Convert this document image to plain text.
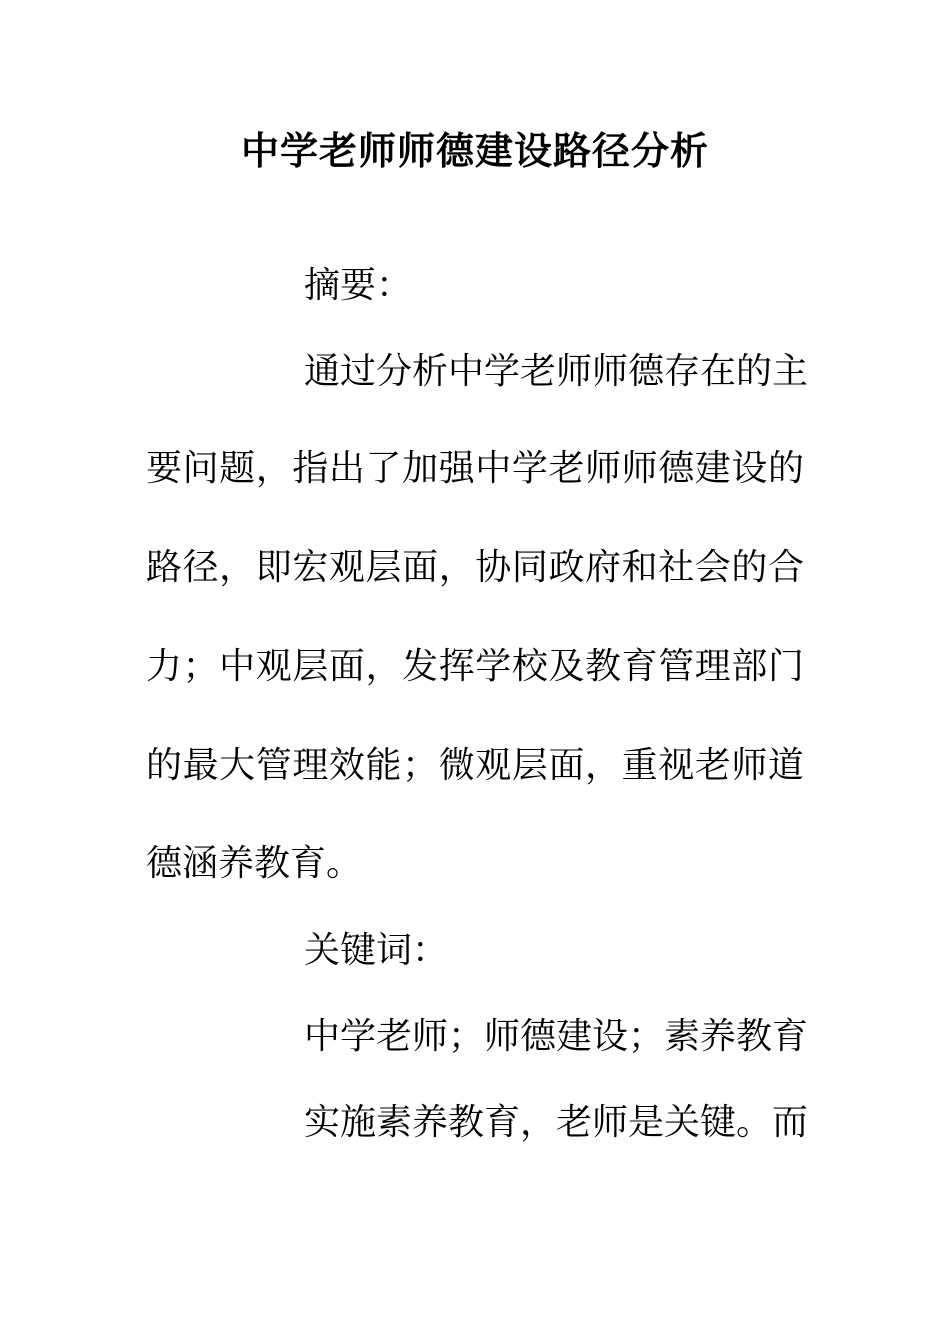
中学老师师德建设路径分析
摘要：
通过分析中学老师师德存在的主
要问题，指出了加强中学老师师德建设的
路径，即宏观层面，协同政府和社会的合
力；中观层面，发挥学校及教育管理部门
的最大管理效能；微观层面，重视老师道
德涵养教育。
关键词：
中学老师；师德建设；素养教育
实施素养教育，老师是关键。而
